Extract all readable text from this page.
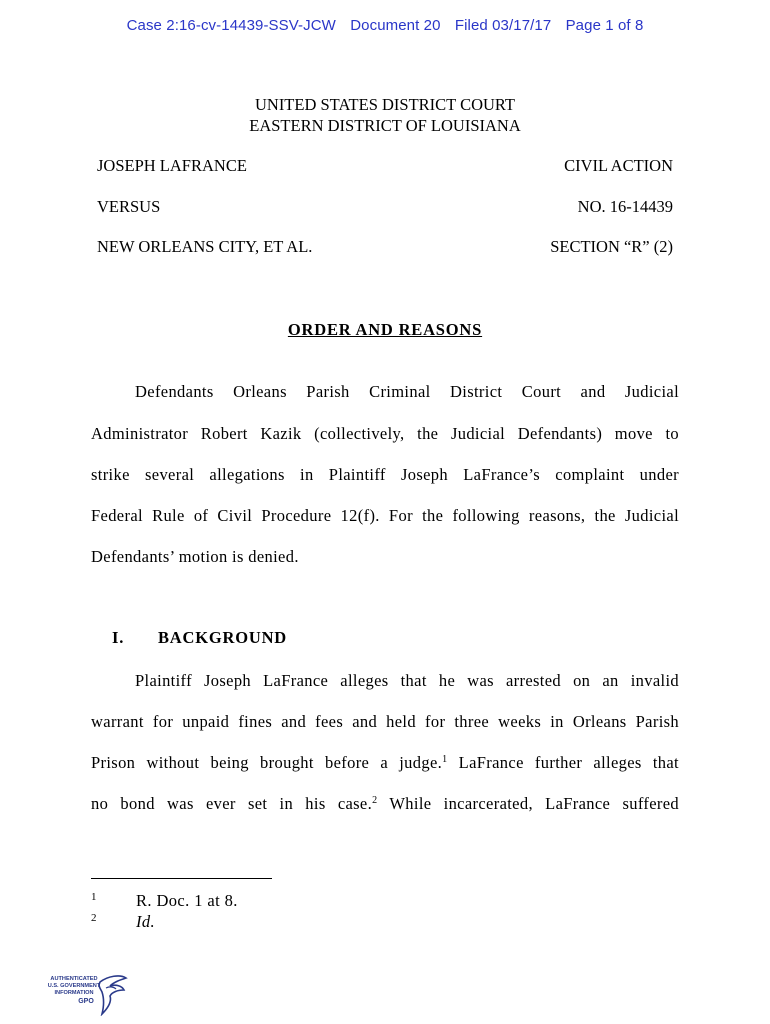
Case 2:16-cv-14439-SSV-JCW Document 20 Filed 03/17/17 Page 1 of 8
UNITED STATES DISTRICT COURT
EASTERN DISTRICT OF LOUISIANA
JOSEPH LAFRANCE	CIVIL ACTION
VERSUS	NO. 16-14439
NEW ORLEANS CITY, ET AL.	SECTION “R” (2)
ORDER AND REASONS
Defendants Orleans Parish Criminal District Court and Judicial
Administrator Robert Kazik (collectively, the Judicial Defendants) move to
strike several allegations in Plaintiff Joseph LaFrance’s complaint under
Federal Rule of Civil Procedure 12(f). For the following reasons, the Judicial
Defendants’ motion is denied.
I. BACKGROUND
Plaintiff Joseph LaFrance alleges that he was arrested on an invalid
warrant for unpaid fines and fees and held for three weeks in Orleans Parish
Prison without being brought before a judge.$^1$ LaFrance further alleges that
no bond was ever set in his case.$^2$ While incarcerated, LaFrance suffered
1 R. Doc. 1 at 8.
2 Id.
AUTHENTICATED
U.S. GOVERNMENT
INFORMATION
GPO
